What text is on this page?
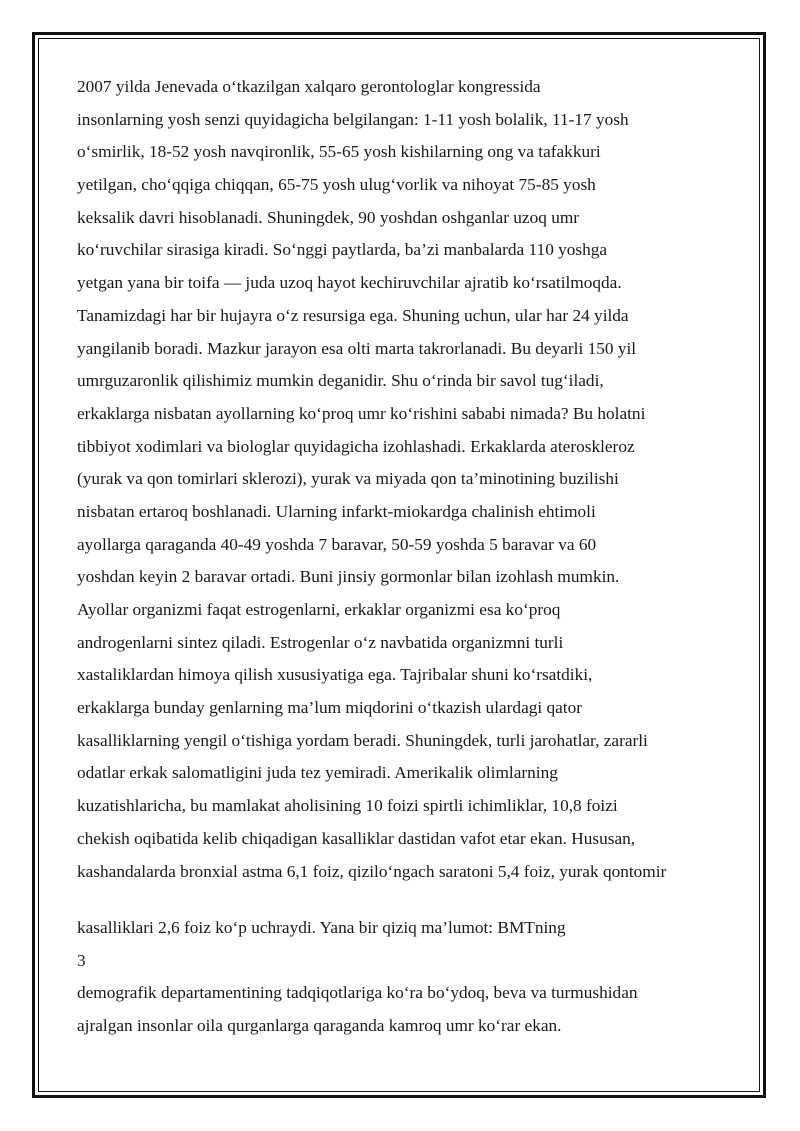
2007 yilda Jenevada o‘tkazilgan xalqaro gerontologlar kongressida
insonlarning yosh senzi quyidagicha belgilangan: 1-11 yosh bolalik, 11-17 yosh
o‘smirlik, 18-52 yosh navqironlik, 55-65 yosh kishilarning ong va tafakkuri
yetilgan, cho‘qqiga chiqqan, 65-75 yosh ulug‘vorlik va nihoyat 75-85 yosh
keksalik davri hisoblanadi. Shuningdek, 90 yoshdan oshganlar uzoq umr
ko‘ruvchilar sirasiga kiradi. So‘nggi paytlarda, ba’zi manbalarda 110 yoshga
yetgan yana bir toifa — juda uzoq hayot kechiruvchilar ajratib ko‘rsatilmoqda.
Tanamizdagi har bir hujayra o‘z resursiga ega. Shuning uchun, ular har 24 yilda
yangilanib boradi. Mazkur jarayon esa olti marta takrorlanadi. Bu deyarli 150 yil
umrguzaronlik qilishimiz mumkin deganidir. Shu o‘rinda bir savol tug‘iladi,
erkaklarga nisbatan ayollarning ko‘proq umr ko‘rishini sababi nimada? Bu holatni
tibbiyot xodimlari va biologlar quyidagicha izohlashadi. Erkaklarda ateroskleroz
(yurak va qon tomirlari sklerozi), yurak va miyada qon ta’minotining buzilishi
nisbatan ertaroq boshlanadi. Ularning infarkt-miokardga chalinish ehtimoli
ayollarga qaraganda 40-49 yoshda 7 baravar, 50-59 yoshda 5 baravar va 60
yoshdan keyin 2 baravar ortadi. Buni jinsiy gormonlar bilan izohlash mumkin.
Ayollar organizmi faqat estrogenlarni, erkaklar organizmi esa ko‘proq
androgenlarni sintez qiladi. Estrogenlar o‘z navbatida organizmni turli
xastaliklardan himoya qilish xususiyatiga ega. Tajribalar shuni ko‘rsatdiki,
erkaklarga bunday genlarning ma’lum miqdorini o‘tkazish ulardagi qator
kasalliklarning yengil o‘tishiga yordam beradi. Shuningdek, turli jarohatlar, zararli
odatlar erkak salomatligini juda tez yemiradi. Amerikalik olimlarning
kuzatishlaricha, bu mamlakat aholisining 10 foizi spirtli ichimliklar, 10,8 foizi
chekish oqibatida kelib chiqadigan kasalliklar dastidan vafot etar ekan. Hususan,
kashandalarda bronxial astma 6,1 foiz, qizilo‘ngach saratoni 5,4 foiz, yurak qontomir
kasalliklari 2,6 foiz ko‘p uchraydi. Yana bir qiziq ma’lumot: BMTning
3
demografik departamentining tadqiqotlariga ko‘ra bo‘ydoq, beva va turmushidan
ajralgan insonlar oila qurganlarga qaraganda kamroq umr ko‘rar ekan.
